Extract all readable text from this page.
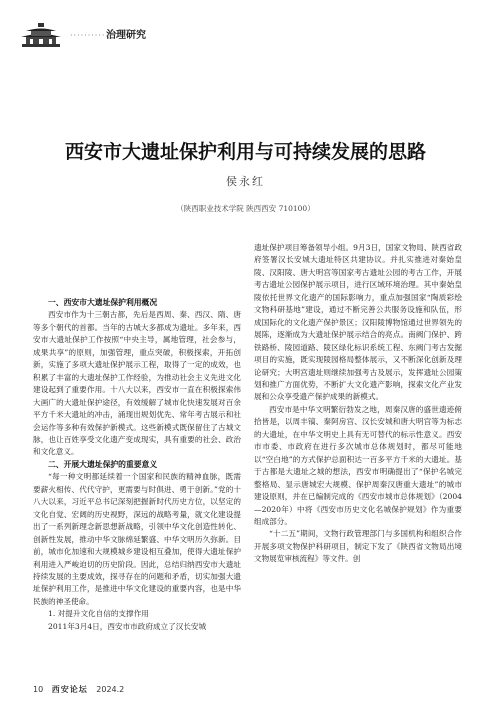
·········· 治理研究
西安市大遗址保护利用与可持续发展的思路
侯永红
（陕西职业技术学院 陕西西安 710100）
一、西安市大遗址保护利用概况

西安市作为十三朝古都，先后是西周、秦、西汉、隋、唐等多个朝代的首都。当年的古城大多都成为遗址。多年来，西安市大遗址保护工作按照“中央主导，属地管理，社会参与，成果共享”的原则，加强管理，重点突破，积极探索，开拓创新，实施了多项大遗址保护展示工程，取得了一定的成效，也积累了丰富的大遗址保护工作经验，为推动社会主义先进文化建设起到了重要作用。十八大以来，西安市一直在积极探索伟大画广的大遗址保护途径，有效缓解了城市化快速发展对百余平方千米大遗址的冲击，涌现出规划优先、常年考古展示和社会运作等多种有效保护新模式。这些新模式既保留住了古城文脉，也让百姓享受文化遗产变成现实，具有重要的社会、政治和文化意义。

二、开展大遗址保护的重要意义

“每一种文明都延续着一个国家和民族的精神血脉，既需要薪火相传、代代守护，更需要与时俱进、勇于创新。”党的十八大以来，习近平总书记深刻把握新时代历史方位，以坚定的文化自觉、宏阔的历史视野，深远的战略考量，就文化建设提出了一系列新理念新思想新战略，引领中华文化创造性转化、创新性发展，推动中华文脉绵延繁盛、中华文明历久弥新。目前，城市化加速和大规模城乡建设相互叠加，使得大遗址保护利用进入严峻迫切的历史阶段。因此，总结归纳西安市大遗址持续发展的主要成效，探寻存在的问题和矛盾，切实加强大遗址保护利用工作，是推进中华文化建设的重要内容，也是中华民族的神圣使命。

1. 对提升文化自信的支撑作用

2011年3月4日，西安市市政府成立了汉长安城

遗址保护项目筹备领导小组。9月3日，国家文物局、陕西省政府签署汉长安城大遗址特区共建协议。并扎实推进对秦始皇陵、汉阳陵、唐大明宫等国家考古遗址公园的考古工作，开展考古遗址公园保护展示项目，进行区域环境治理。其中秦始皇陵依托世界文化遗产的国际影响力，重点加强国家“陶质彩绘文物科研基地”建设，通过不断完善公共服务设施和队伍，形成国际化的文化遗产保护景区；汉阳陵博物馆通过世界领先的展陈，逐渐成为大遗址保护展示结合的亮点。南阙门保护、跨铁路桥、陵园道路、陵区绿化标识系统工程、东阙门考古发掘项目的实施，既实现陵园格局整体展示，又不断深化创新及理论研究；大明宫遗址则继续加强考古及展示，发挥遗址公园策划和推广方面优势，不断扩大文化遗产影响，探索文化产业发展和公众享受遗产保护成果的新模式。

西安市是中华文明繁衍勃发之地，周秦汉唐的盛世遗迹俯拾皆是，以周丰镐、秦阿房宫、汉长安城和唐大明宫等为标志的大遗址，在中华文明史上具有无可替代的标示性意义。西安市市委、市政府在进行多次城市总体规划时，都尽可能地以“空白地”的方式保护总面积达一百多平方千米的大遗址。基于古都是大遗址之城的想法，西安市明确提出了“保护名城完整格局、显示唐城宏大规模、保护周秦汉唐重大遗址”的城市建设原则，并在已编制完成的《西安市城市总体规划》（2004—2020年）中将《西安市历史文化名城保护规划》作为重要组成部分。

“十二五”期间，文物行政管理部门与多国机构和组织合作开展多项文物保护科研项目，制定下发了《陕西省文物局出境文物展览审核流程》等文件。创

10 西安论坛 2024.2
